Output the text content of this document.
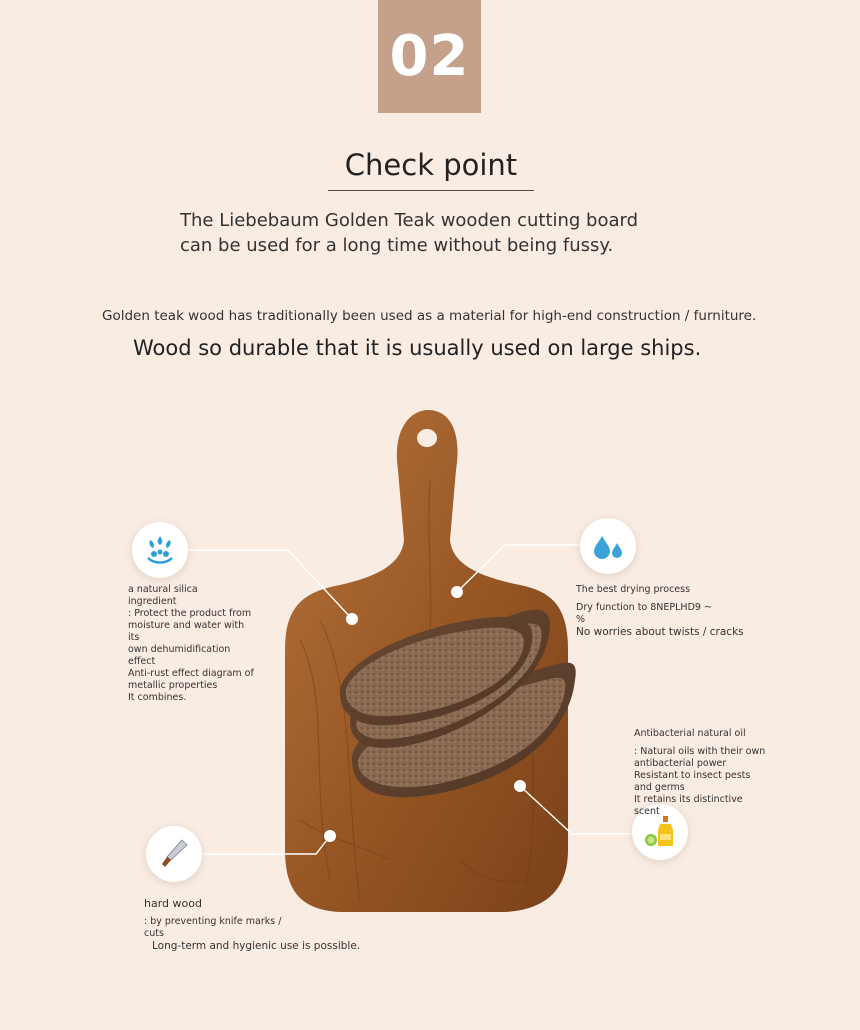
02
Check point
The Liebebaum Golden Teak wooden cutting board
can be used for a long time without being fussy.
Golden teak wood has traditionally been used as a material for high-end construction / furniture.
Wood so durable that it is usually used on large ships.
a natural silica
ingredient
: Protect the product from
moisture and water with its
own dehumidification effect
Anti-rust effect diagram of
metallic properties
It combines.
The best drying process
Dry function to 8NEPLHD9 ~
%
No worries about twists / cracks
Antibacterial natural oil
: Natural oils with their own
antibacterial power
Resistant to insect pests
and germs
It retains its distinctive
scent
hard wood
: by preventing knife marks /
cuts
Long-term and hygienic use is possible.
